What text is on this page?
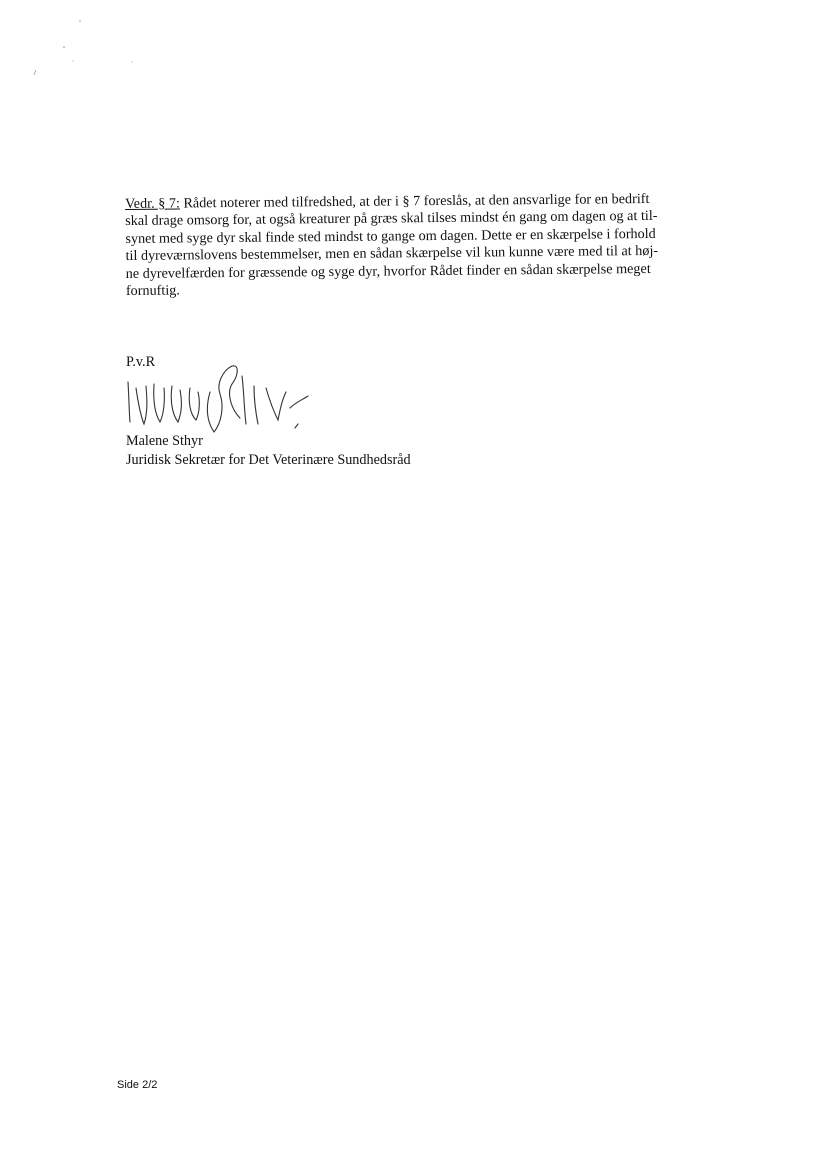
Vedr. § 7: Rådet noterer med tilfredshed, at der i § 7 foreslås, at den ansvarlige for en bedrift
skal drage omsorg for, at også kreaturer på græs skal tilses mindst én gang om dagen og at til-
synet med syge dyr skal finde sted mindst to gange om dagen. Dette er en skærpelse i forhold
til dyreværnslovens bestemmelser, men en sådan skærpelse vil kun kunne være med til at høj-
ne dyrevelfærden for græssende og syge dyr, hvorfor Rådet finder en sådan skærpelse meget
fornuftig.
P.v.R
Malene Sthyr
Juridisk Sekretær for Det Veterinære Sundhedsråd
Side 2/2
